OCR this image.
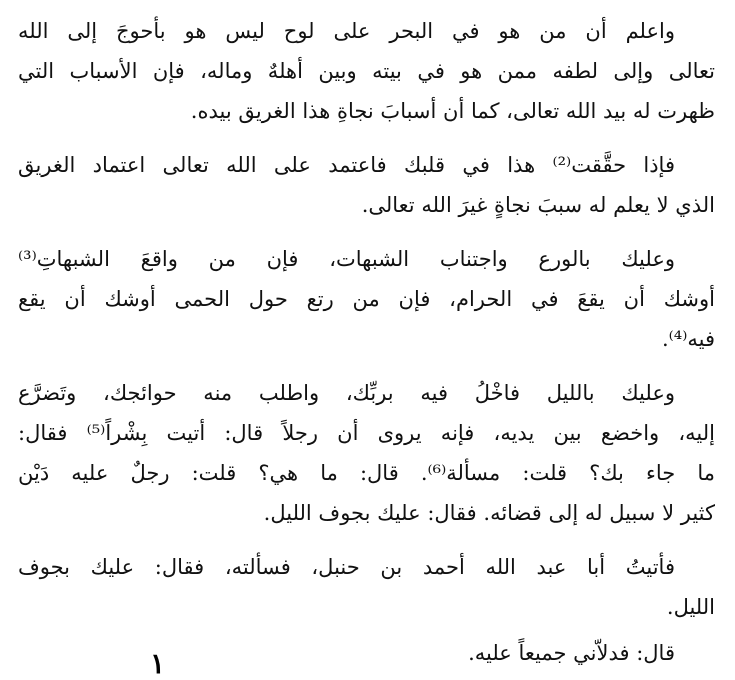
واعلم أن من هو في البحر على لوح ليس هو بأحوجَ إلى الله
تعالى وإلى لطفه ممن هو في بيته وبين أهلهٌ وماله، فإن الأسباب التي
ظهرت له بيد الله تعالى، كما أن أسبابَ نجاةِ هذا الغريق بيده.
فإذا حقَّقت⁽²⁾ هذا في قلبك فاعتمد على الله تعالى اعتماد الغريق
الذي لا يعلم له سببَ نجاةٍ غيرَ الله تعالى.
وعليك بالورع واجتناب الشبهات، فإن من واقعَ الشبهاتِ⁽³⁾
أوشك أن يقعَ في الحرام، فإن من رتع حول الحمى أوشك أن يقع
فيه⁽⁴⁾.
وعليك بالليل فاخْلُ فيه بربِّك، واطلب منه حوائجك، وتَضرَّع
إليه، واخضع بين يديه، فإنه يروى أن رجلاً قال: أتيت بِشْراً⁽⁵⁾ فقال:
ما جاء بك؟ قلت: مسألة⁽⁶⁾. قال: ما هي؟ قلت: رجلٌ عليه دَيْن
كثير لا سبيل له إلى قضائه. فقال: عليك بجوف الليل.
فأتيتُ أبا عبد الله أحمد بن حنبل، فسألته، فقال: عليك بجوف
الليل.
قال: فدلاّني جميعاً عليه.
١
